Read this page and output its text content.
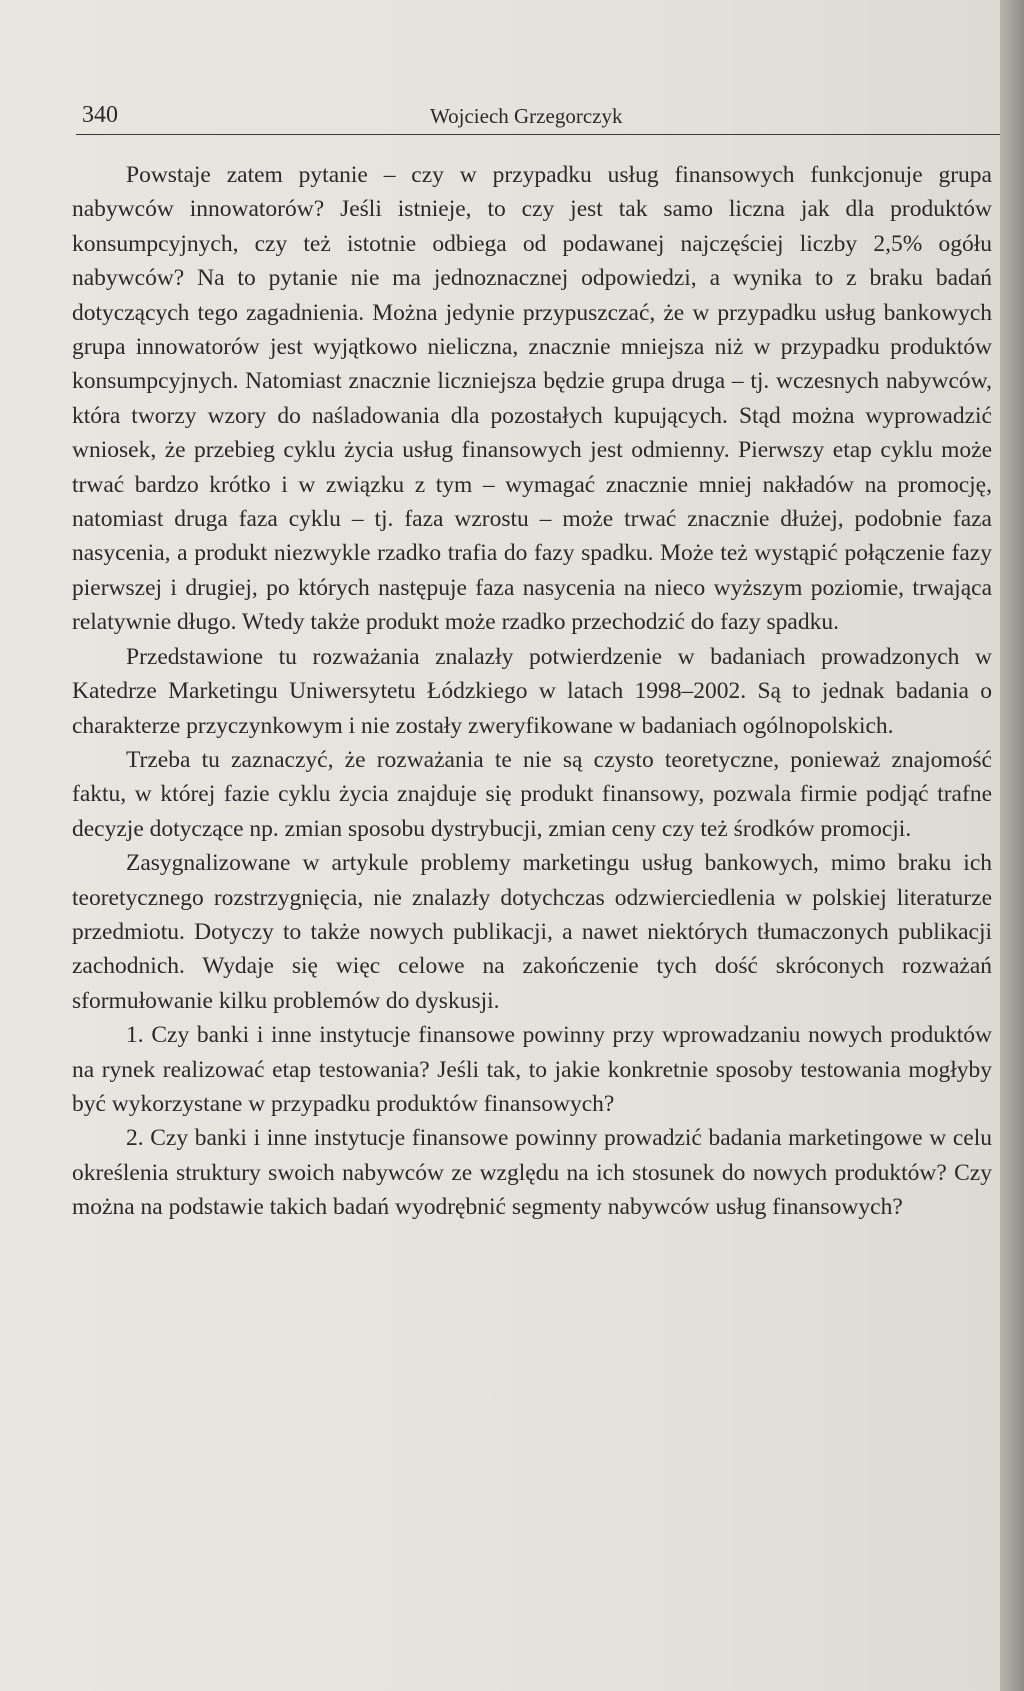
340	Wojciech Grzegorczyk

Powstaje zatem pytanie – czy w przypadku usług finansowych funkcjonuje grupa nabywców innowatorów? Jeśli istnieje, to czy jest tak samo liczna jak dla produktów konsumpcyjnych, czy też istotnie odbiega od podawanej najczęściej liczby 2,5% ogółu nabywców? Na to pytanie nie ma jednoznacznej odpowiedzi, a wynika to z braku badań dotyczących tego zagadnienia. Można jedynie przypuszczać, że w przypadku usług bankowych grupa innowatorów jest wyjątkowo nieliczna, znacznie mniejsza niż w przypadku produktów konsumpcyjnych. Natomiast znacznie liczniejsza będzie grupa druga – tj. wczesnych nabywców, która tworzy wzory do naśladowania dla pozostałych kupujących. Stąd można wyprowadzić wniosek, że przebieg cyklu życia usług finansowych jest odmienny. Pierwszy etap cyklu może trwać bardzo krótko i w związku z tym – wymagać znacznie mniej nakładów na promocję, natomiast druga faza cyklu – tj. faza wzrostu – może trwać znacznie dłużej, podobnie faza nasycenia, a produkt niezwykle rzadko trafia do fazy spadku. Może też wystąpić połączenie fazy pierwszej i drugiej, po których następuje faza nasycenia na nieco wyższym poziomie, trwająca relatywnie długo. Wtedy także produkt może rzadko przechodzić do fazy spadku.

Przedstawione tu rozważania znalazły potwierdzenie w badaniach prowadzonych w Katedrze Marketingu Uniwersytetu Łódzkiego w latach 1998–2002. Są to jednak badania o charakterze przyczynkowym i nie zostały zweryfikowane w badaniach ogólnopolskich.

Trzeba tu zaznaczyć, że rozważania te nie są czysto teoretyczne, ponieważ znajomość faktu, w której fazie cyklu życia znajduje się produkt finansowy, pozwala firmie podjąć trafne decyzje dotyczące np. zmian sposobu dystrybucji, zmian ceny czy też środków promocji.

Zasygnalizowane w artykule problemy marketingu usług bankowych, mimo braku ich teoretycznego rozstrzygnięcia, nie znalazły dotychczas odzwierciedlenia w polskiej literaturze przedmiotu. Dotyczy to także nowych publikacji, a nawet niektórych tłumaczonych publikacji zachodnich. Wydaje się więc celowe na zakończenie tych dość skróconych rozważań sformułowanie kilku problemów do dyskusji.

1. Czy banki i inne instytucje finansowe powinny przy wprowadzaniu nowych produktów na rynek realizować etap testowania? Jeśli tak, to jakie konkretnie sposoby testowania mogłyby być wykorzystane w przypadku produktów finansowych?

2. Czy banki i inne instytucje finansowe powinny prowadzić badania marketingowe w celu określenia struktury swoich nabywców ze względu na ich stosunek do nowych produktów? Czy można na podstawie takich badań wyodrębnić segmenty nabywców usług finansowych?
